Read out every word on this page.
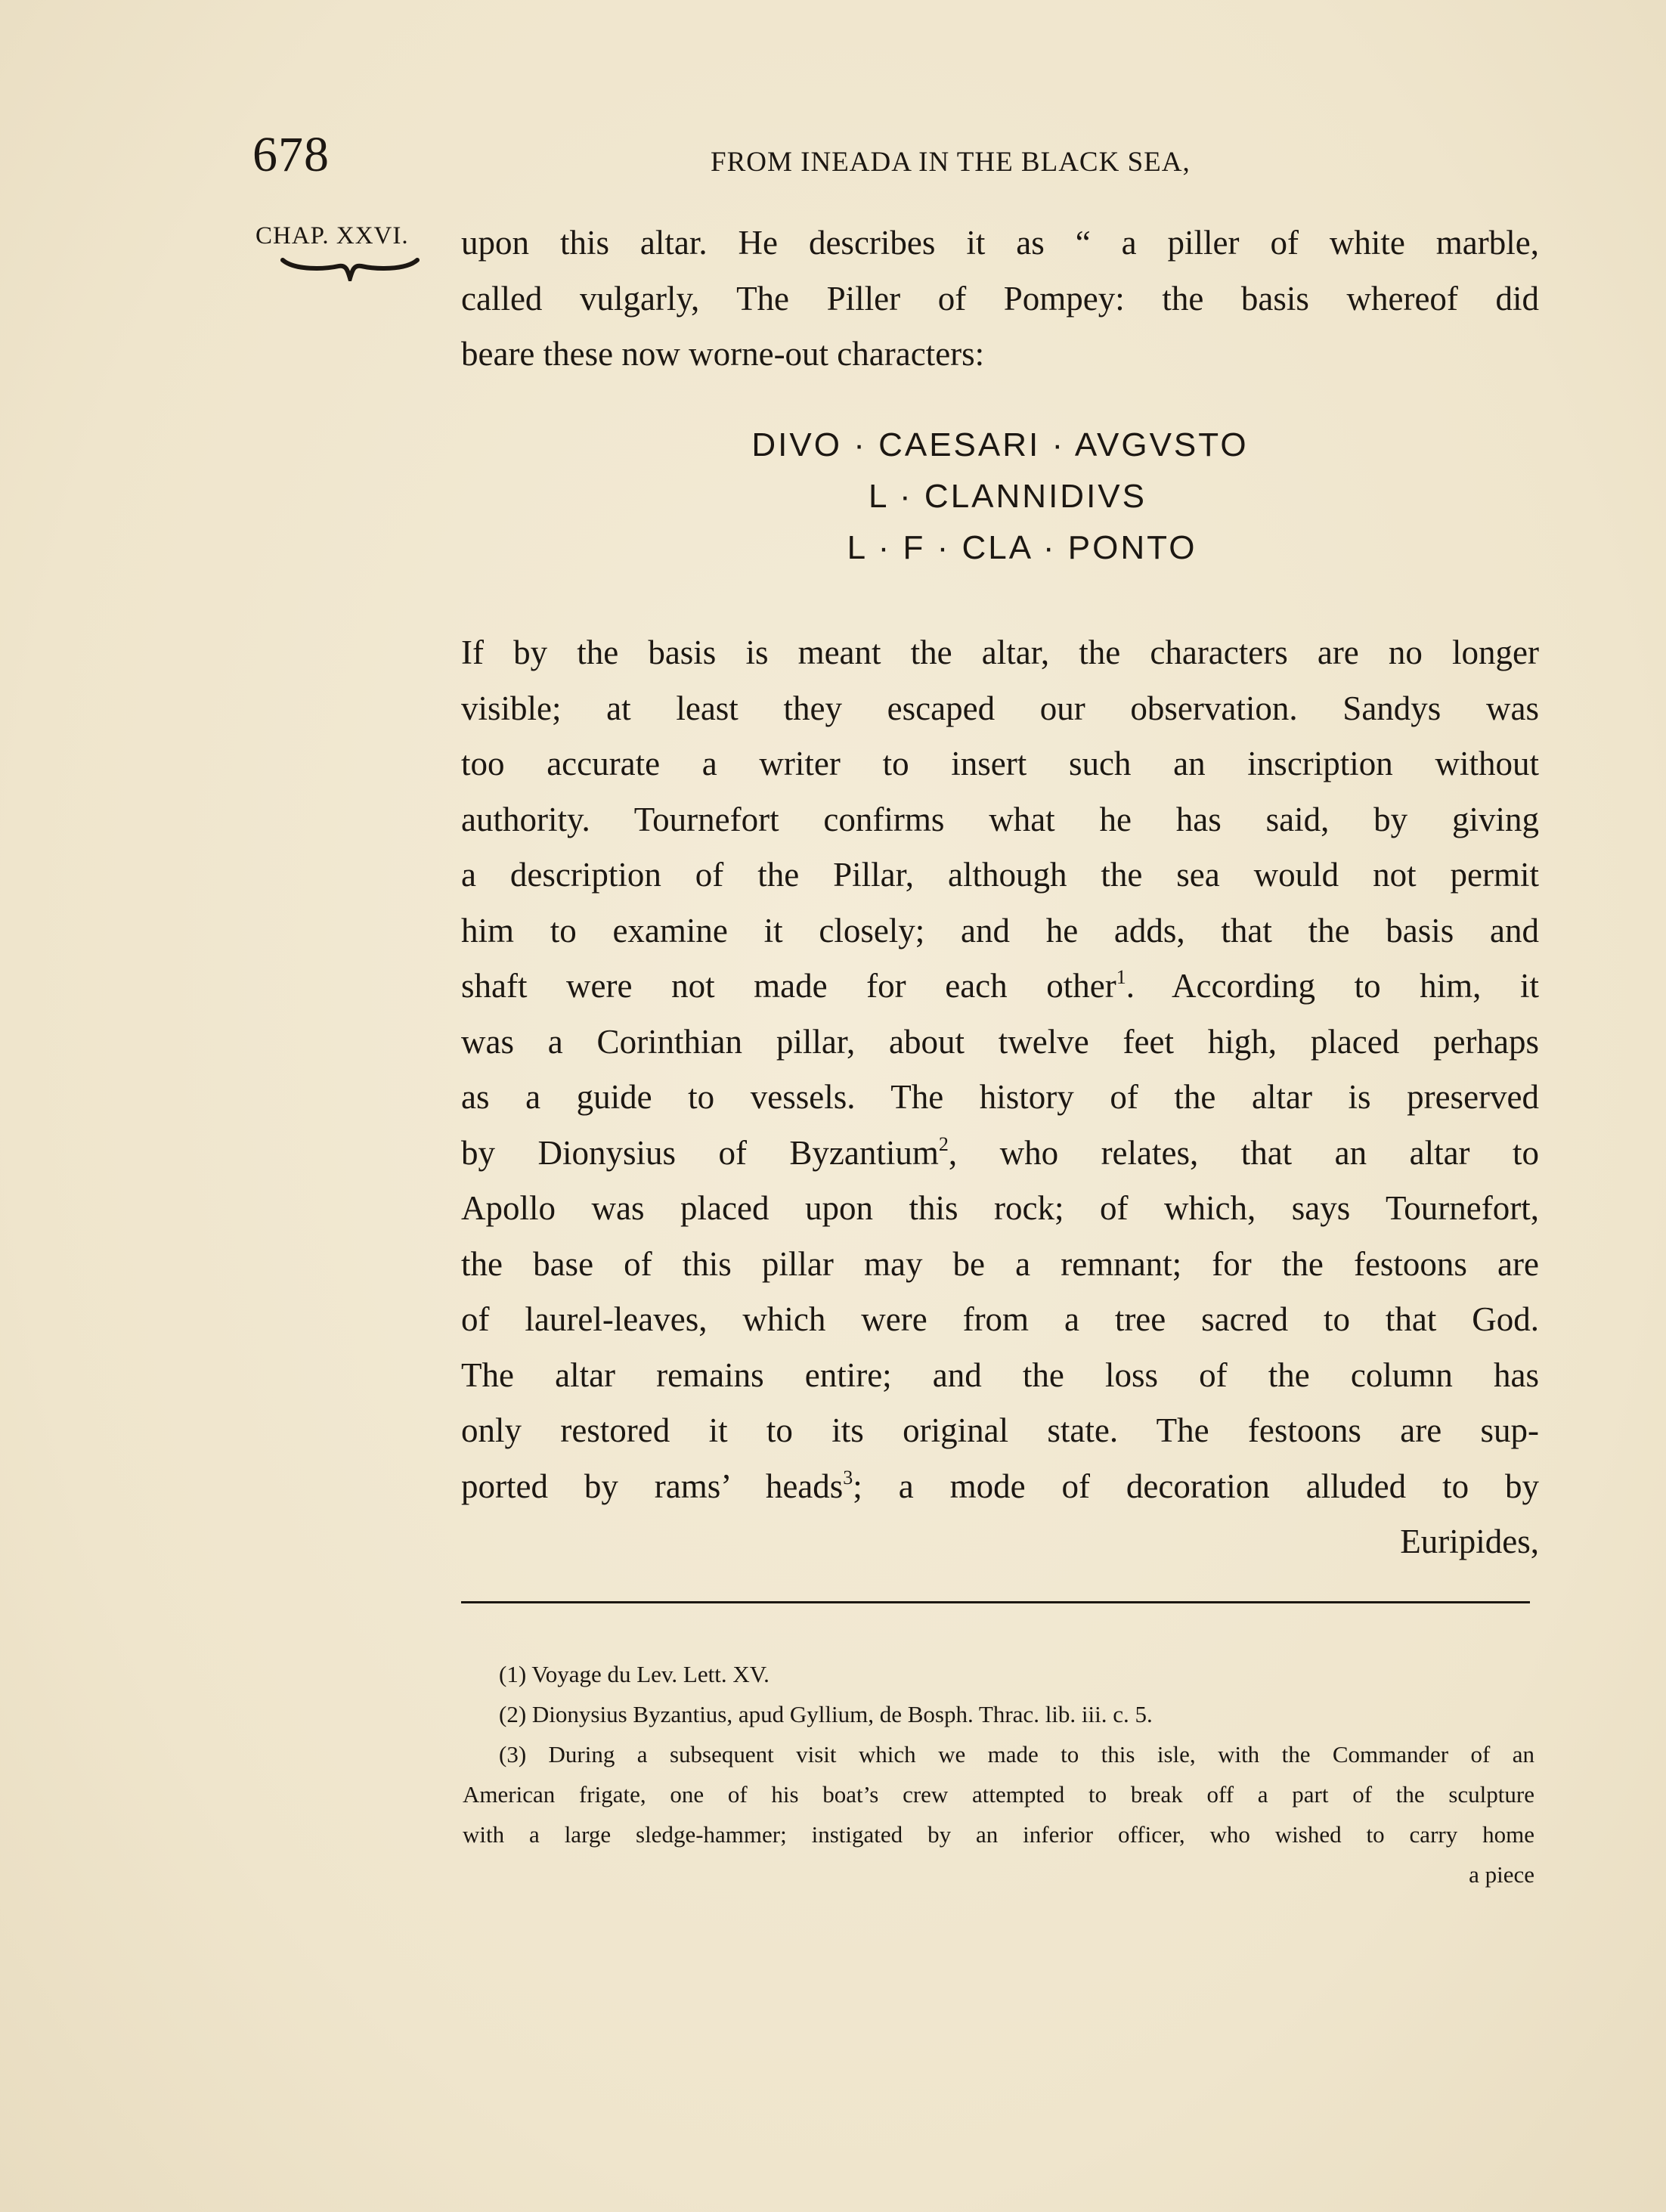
678	FROM INEADA IN THE BLACK SEA,
CHAP. XXVI. upon this altar. He describes it as “ a piller of white marble,
called vulgarly, The Piller of Pompey: the basis whereof did
beare these now worne-out characters:
DIVO · CAESARI · AVGVSTO
L · CLANNIDIVS
L · F · CLA · PONTO
If by the basis is meant the altar, the characters are no longer
visible; at least they escaped our observation. Sandys was
too accurate a writer to insert such an inscription without
authority. Tournefort confirms what he has said, by giving
a description of the Pillar, although the sea would not permit
him to examine it closely; and he adds, that the basis and
shaft were not made for each other$^1$. According to him, it
was a Corinthian pillar, about twelve feet high, placed perhaps
as a guide to vessels. The history of the altar is preserved
by Dionysius of Byzantium$^2$, who relates, that an altar to
Apollo was placed upon this rock; of which, says Tournefort,
the base of this pillar may be a remnant; for the festoons are
of laurel-leaves, which were from a tree sacred to that God.
The altar remains entire; and the loss of the column has
only restored it to its original state. The festoons are sup-
ported by rams’ heads$^3$; a mode of decoration alluded to by
Euripides,
(1) Voyage du Lev. Lett. XV.
(2) Dionysius Byzantius, apud Gyllium, de Bosph. Thrac. lib. iii. c. 5.
(3) During a subsequent visit which we made to this isle, with the Commander of an
American frigate, one of his boat’s crew attempted to break off a part of the sculpture
with a large sledge-hammer; instigated by an inferior officer, who wished to carry home
a piece
